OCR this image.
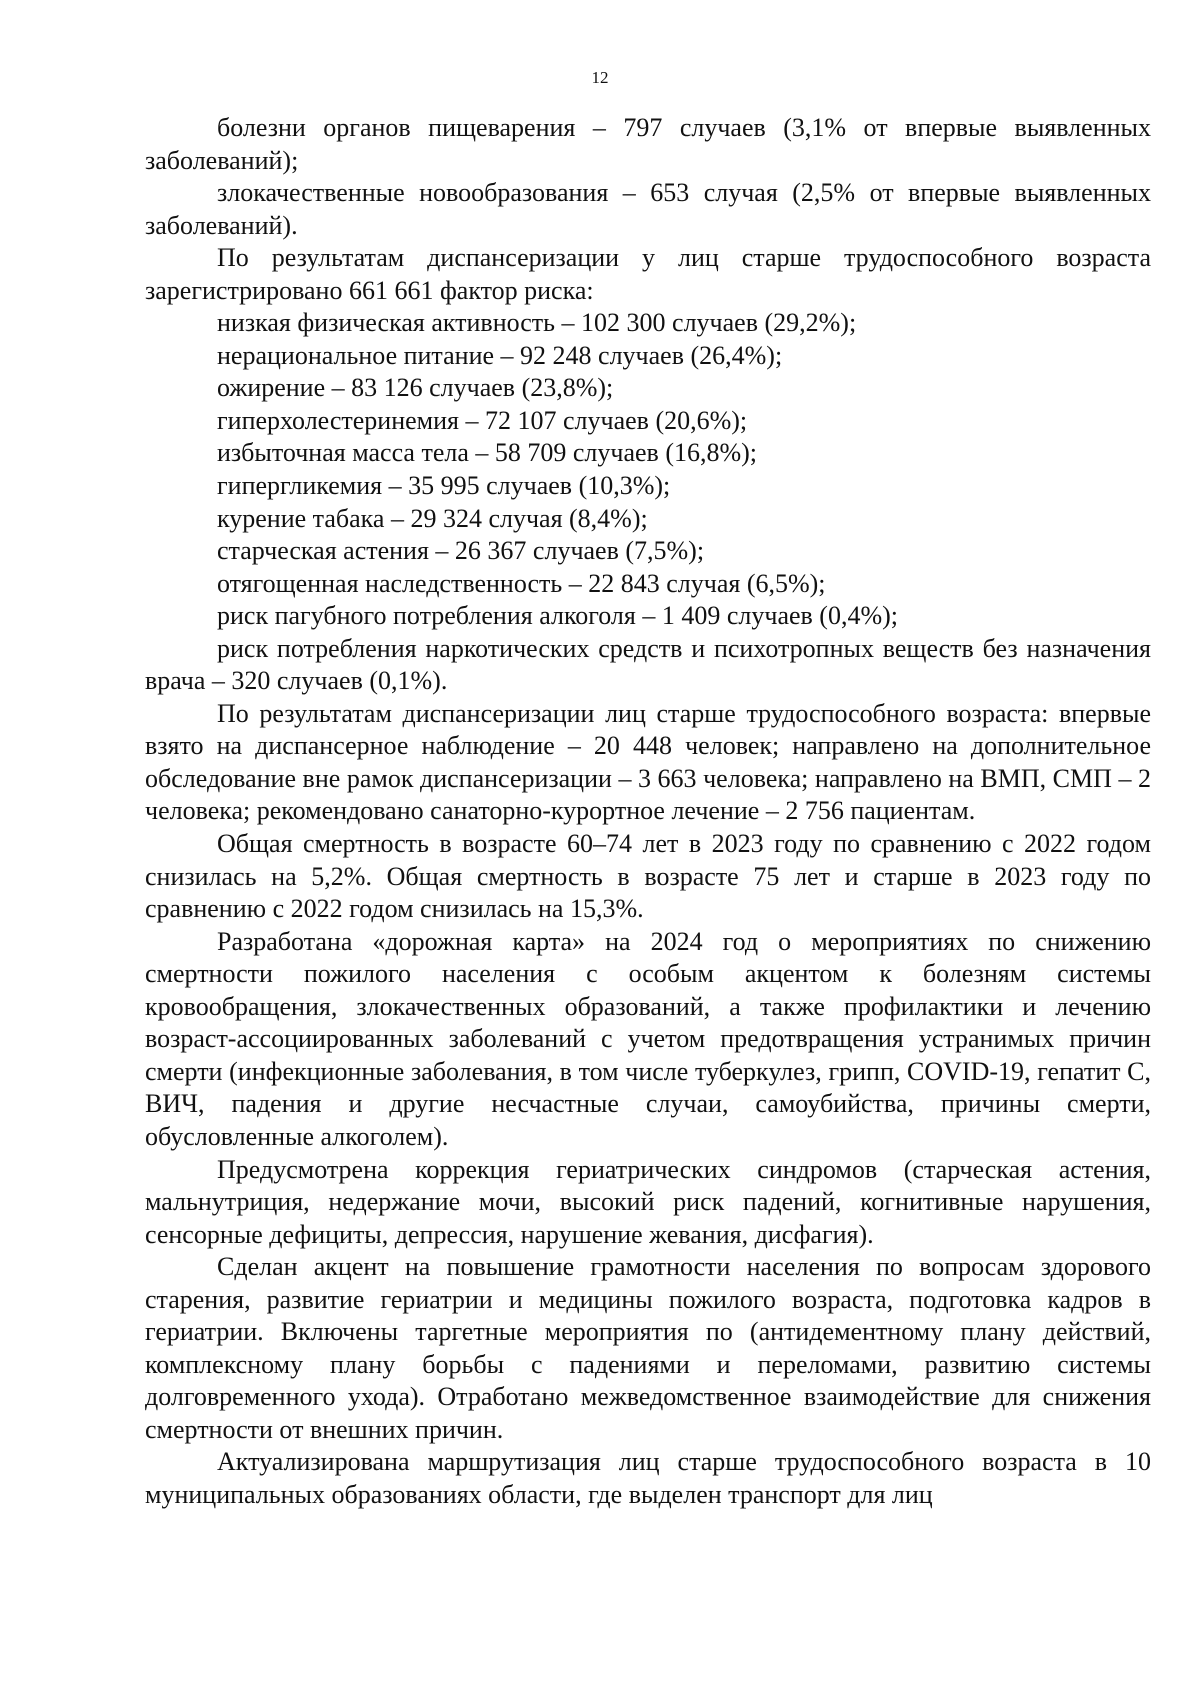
12

болезни органов пищеварения – 797 случаев (3,1% от впервые выявленных заболеваний);

злокачественные новообразования – 653 случая (2,5% от впервые выявленных заболеваний).

По результатам диспансеризации у лиц старше трудоспособного возраста зарегистрировано 661 661 фактор риска:

низкая физическая активность – 102 300 случаев (29,2%);

нерациональное питание – 92 248 случаев (26,4%);

ожирение – 83 126 случаев (23,8%);

гиперхолестеринемия – 72 107 случаев (20,6%);

избыточная масса тела – 58 709 случаев (16,8%);

гипергликемия – 35 995 случаев (10,3%);

курение табака – 29 324 случая (8,4%);

старческая астения – 26 367 случаев (7,5%);

отягощенная наследственность – 22 843 случая (6,5%);

риск пагубного потребления алкоголя – 1 409 случаев (0,4%);

риск потребления наркотических средств и психотропных веществ без назначения врача – 320 случаев (0,1%).

По результатам диспансеризации лиц старше трудоспособного возраста: впервые взято на диспансерное наблюдение – 20 448 человек; направлено на дополнительное обследование вне рамок диспансеризации – 3 663 человека; направлено на ВМП, СМП – 2 человека; рекомендовано санаторно-курортное лечение – 2 756 пациентам.

Общая смертность в возрасте 60–74 лет в 2023 году по сравнению с 2022 годом снизилась на 5,2%. Общая смертность в возрасте 75 лет и старше в 2023 году по сравнению с 2022 годом снизилась на 15,3%.

Разработана «дорожная карта» на 2024 год о мероприятиях по снижению смертности пожилого населения с особым акцентом к болезням системы кровообращения, злокачественных образований, а также профилактики и лечению возраст-ассоциированных заболеваний с учетом предотвращения устранимых причин смерти (инфекционные заболевания, в том числе туберкулез, грипп, COVID-19, гепатит С, ВИЧ, падения и другие несчастные случаи, самоубийства, причины смерти, обусловленные алкоголем).

Предусмотрена коррекция гериатрических синдромов (старческая астения, мальнутриция, недержание мочи, высокий риск падений, когнитивные нарушения, сенсорные дефициты, депрессия, нарушение жевания, дисфагия).

Сделан акцент на повышение грамотности населения по вопросам здорового старения, развитие гериатрии и медицины пожилого возраста, подготовка кадров в гериатрии. Включены таргетные мероприятия по (антидементному плану действий, комплексному плану борьбы с падениями и переломами, развитию системы долговременного ухода). Отработано межведомственное взаимодействие для снижения смертности от внешних причин.

Актуализирована маршрутизация лиц старше трудоспособного возраста в 10 муниципальных образованиях области, где выделен транспорт для лиц
